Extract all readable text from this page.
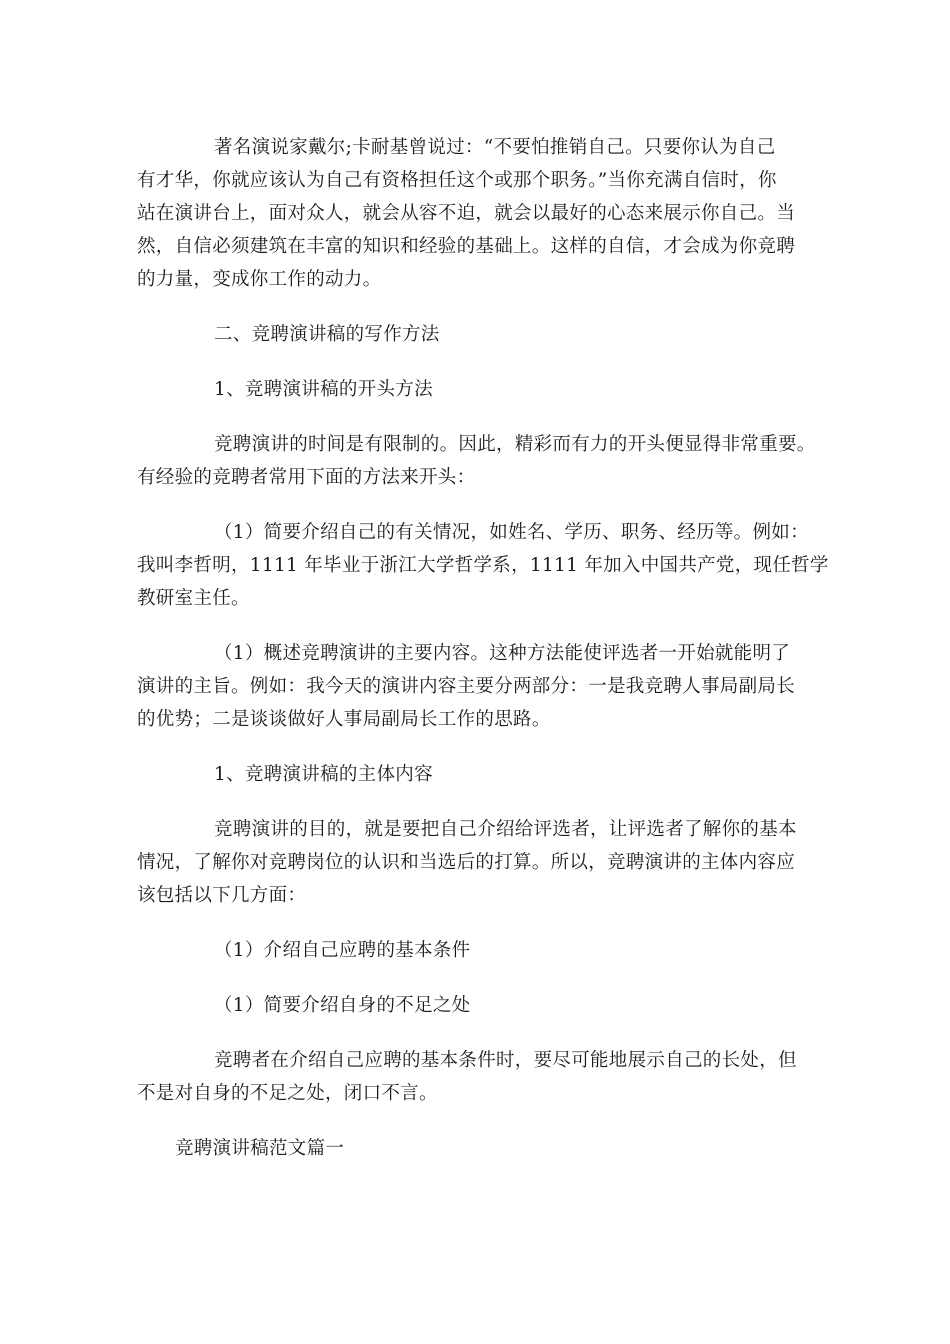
著名演说家戴尔;卡耐基曾说过：“不要怕推销自己。只要你认为自己
有才华，你就应该认为自己有资格担任这个或那个职务。”当你充满自信时，你
站在演讲台上，面对众人，就会从容不迫，就会以最好的心态来展示你自己。当
然，自信必须建筑在丰富的知识和经验的基础上。这样的自信，才会成为你竞聘
的力量，变成你工作的动力。
二、竞聘演讲稿的写作方法
1、竞聘演讲稿的开头方法
竞聘演讲的时间是有限制的。因此，精彩而有力的开头便显得非常重要。
有经验的竞聘者常用下面的方法来开头：
（1）简要介绍自己的有关情况，如姓名、学历、职务、经历等。例如：
我叫李哲明，1111 年毕业于浙江大学哲学系，1111 年加入中国共产党，现任哲学
教研室主任。
（1）概述竞聘演讲的主要内容。这种方法能使评选者一开始就能明了
演讲的主旨。例如：我今天的演讲内容主要分两部分：一是我竞聘人事局副局长
的优势；二是谈谈做好人事局副局长工作的思路。
1、竞聘演讲稿的主体内容
竞聘演讲的目的，就是要把自己介绍给评选者，让评选者了解你的基本
情况，了解你对竞聘岗位的认识和当选后的打算。所以，竞聘演讲的主体内容应
该包括以下几方面：
（1）介绍自己应聘的基本条件
（1）简要介绍自身的不足之处
竞聘者在介绍自己应聘的基本条件时，要尽可能地展示自己的长处，但
不是对自身的不足之处，闭口不言。
竞聘演讲稿范文篇一
